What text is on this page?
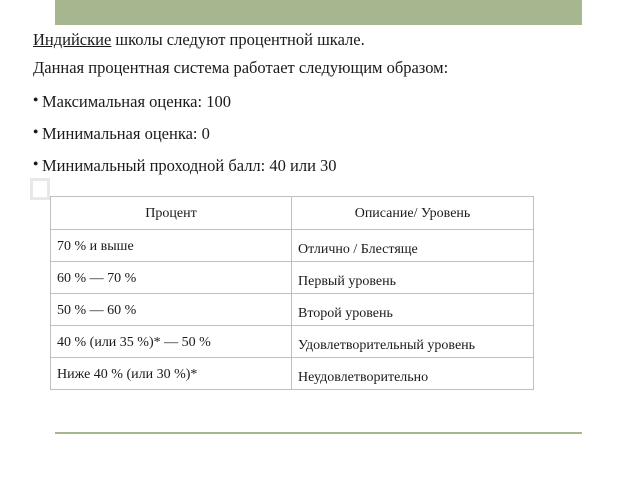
Индийские школы следуют процентной шкале.

Данная процентная система работает следующим образом:

● Максимальная оценка: 100
● Минимальная оценка: 0
● Минимальный проходной балл: 40 или 30
Процент	Описание/ Уровень
70 % и выше	Отлично / Блестяще
60 % — 70 %	Первый уровень
50 % — 60 %	Второй уровень
40 % (или 35 %)* — 50 %	Удовлетворительный уровень
Ниже 40 % (или 30 %)*	Неудовлетворительно
